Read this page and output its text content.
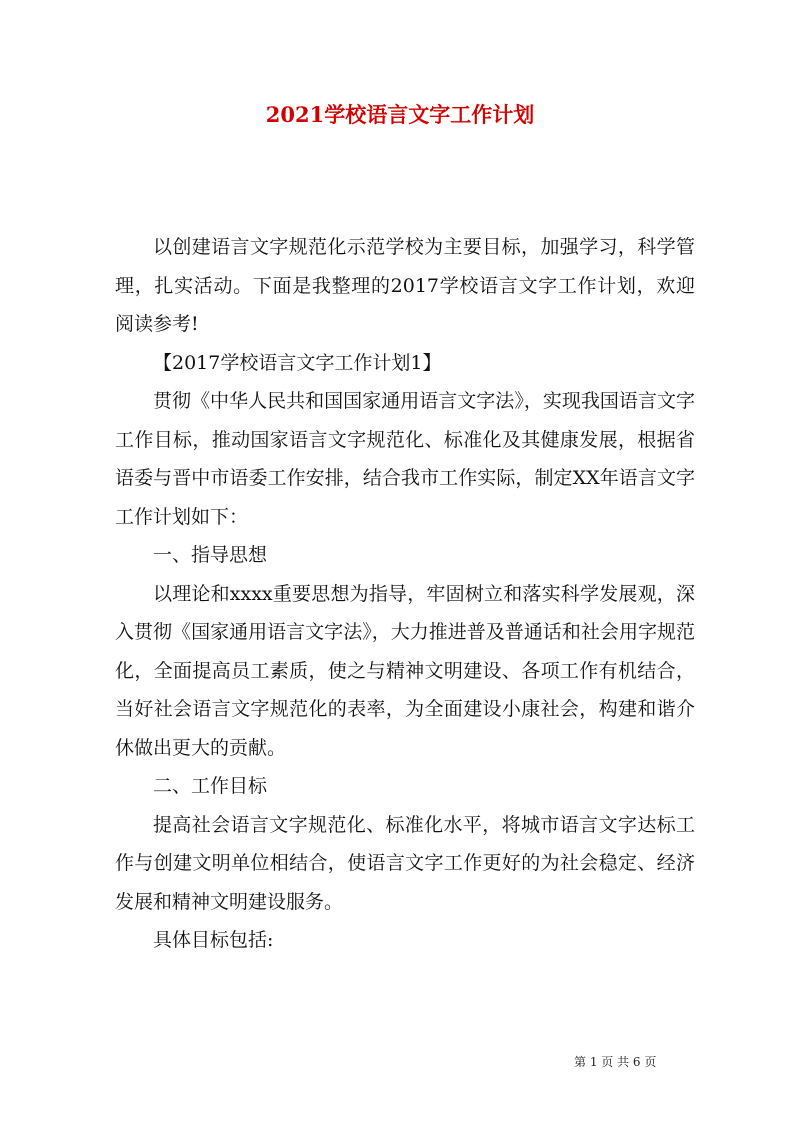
2021学校语言文字工作计划

以创建语言文字规范化示范学校为主要目标，加强学习，科学管理，扎实活动。下面是我整理的2017学校语言文字工作计划，欢迎阅读参考!

【2017学校语言文字工作计划1】

贯彻《中华人民共和国国家通用语言文字法》，实现我国语言文字工作目标，推动国家语言文字规范化、标准化及其健康发展，根据省语委与晋中市语委工作安排，结合我市工作实际，制定XX年语言文字工作计划如下：

一、指导思想

以理论和xxxx重要思想为指导，牢固树立和落实科学发展观，深入贯彻《国家通用语言文字法》，大力推进普及普通话和社会用字规范化，全面提高员工素质，使之与精神文明建设、各项工作有机结合，当好社会语言文字规范化的表率，为全面建设小康社会，构建和谐介休做出更大的贡献。

二、工作目标

提高社会语言文字规范化、标准化水平，将城市语言文字达标工作与创建文明单位相结合，使语言文字工作更好的为社会稳定、经济发展和精神文明建设服务。

具体目标包括:

第 1 页 共 6 页
